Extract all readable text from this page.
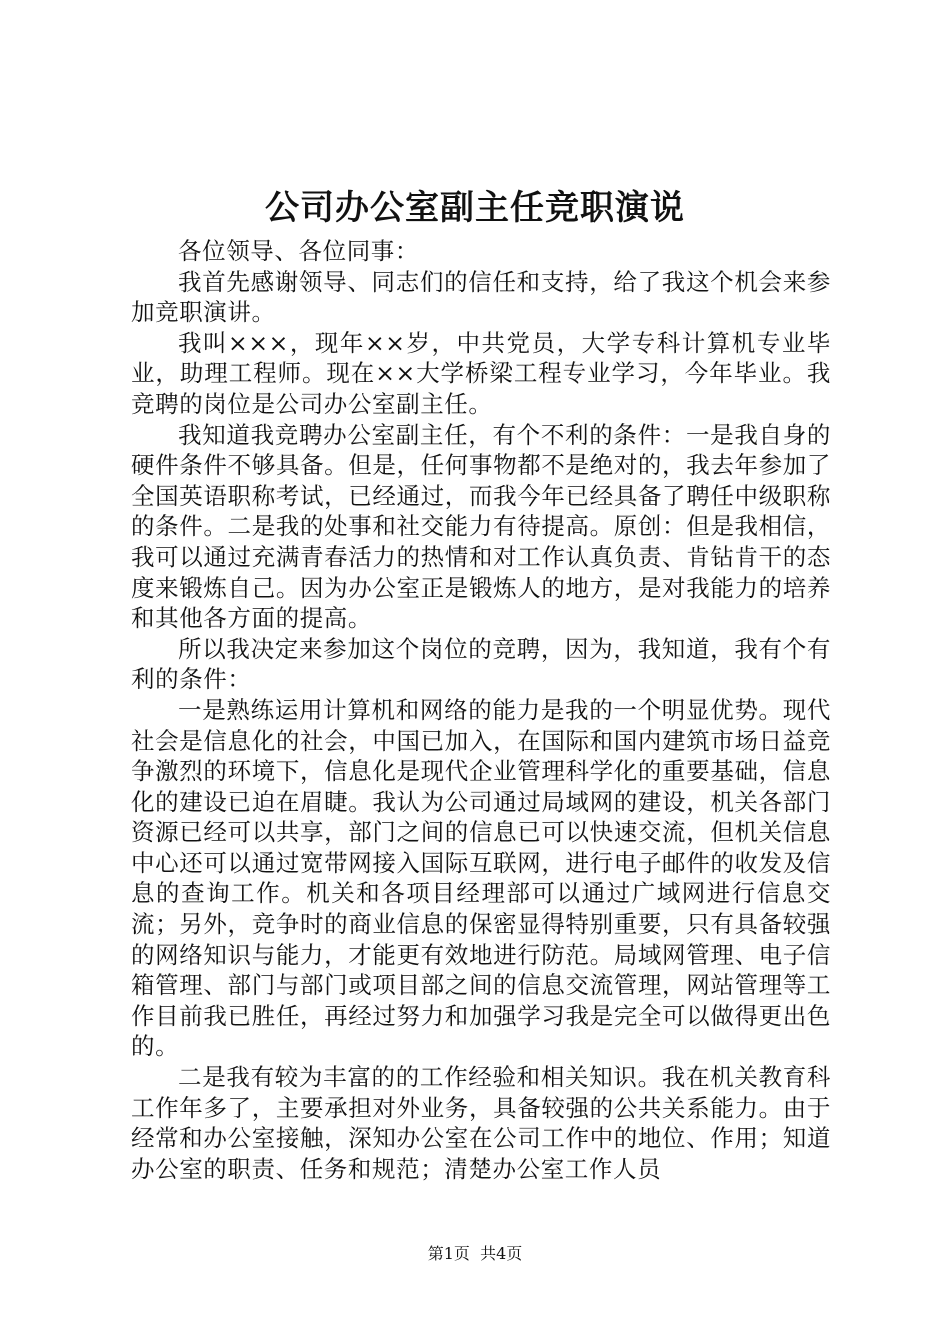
公司办公室副主任竞职演说

各位领导、各位同事：

我首先感谢领导、同志们的信任和支持，给了我这个机会来参加竞职演讲。

我叫×××，现年××岁，中共党员，大学专科计算机专业毕业，助理工程师。现在××大学桥梁工程专业学习，今年毕业。我竞聘的岗位是公司办公室副主任。

我知道我竞聘办公室副主任，有个不利的条件：一是我自身的硬件条件不够具备。但是，任何事物都不是绝对的，我去年参加了全国英语职称考试，已经通过，而我今年已经具备了聘任中级职称的条件。二是我的处事和社交能力有待提高。原创：但是我相信，我可以通过充满青春活力的热情和对工作认真负责、肯钻肯干的态度来锻炼自己。因为办公室正是锻炼人的地方，是对我能力的培养和其他各方面的提高。

所以我决定来参加这个岗位的竞聘，因为，我知道，我有个有利的条件：

一是熟练运用计算机和网络的能力是我的一个明显优势。现代社会是信息化的社会，中国已加入，在国际和国内建筑市场日益竞争激烈的环境下，信息化是现代企业管理科学化的重要基础，信息化的建设已迫在眉睫。我认为公司通过局域网的建设，机关各部门资源已经可以共享，部门之间的信息已可以快速交流，但机关信息中心还可以通过宽带网接入国际互联网，进行电子邮件的收发及信息的查询工作。机关和各项目经理部可以通过广域网进行信息交流；另外，竞争时的商业信息的保密显得特别重要，只有具备较强的网络知识与能力，才能更有效地进行防范。局域网管理、电子信箱管理、部门与部门或项目部之间的信息交流管理，网站管理等工作目前我已胜任，再经过努力和加强学习我是完全可以做得更出色的。

二是我有较为丰富的的工作经验和相关知识。我在机关教育科工作年多了，主要承担对外业务，具备较强的公共关系能力。由于经常和办公室接触，深知办公室在公司工作中的地位、作用；知道办公室的职责、任务和规范；清楚办公室工作人员

第1页  共4页
